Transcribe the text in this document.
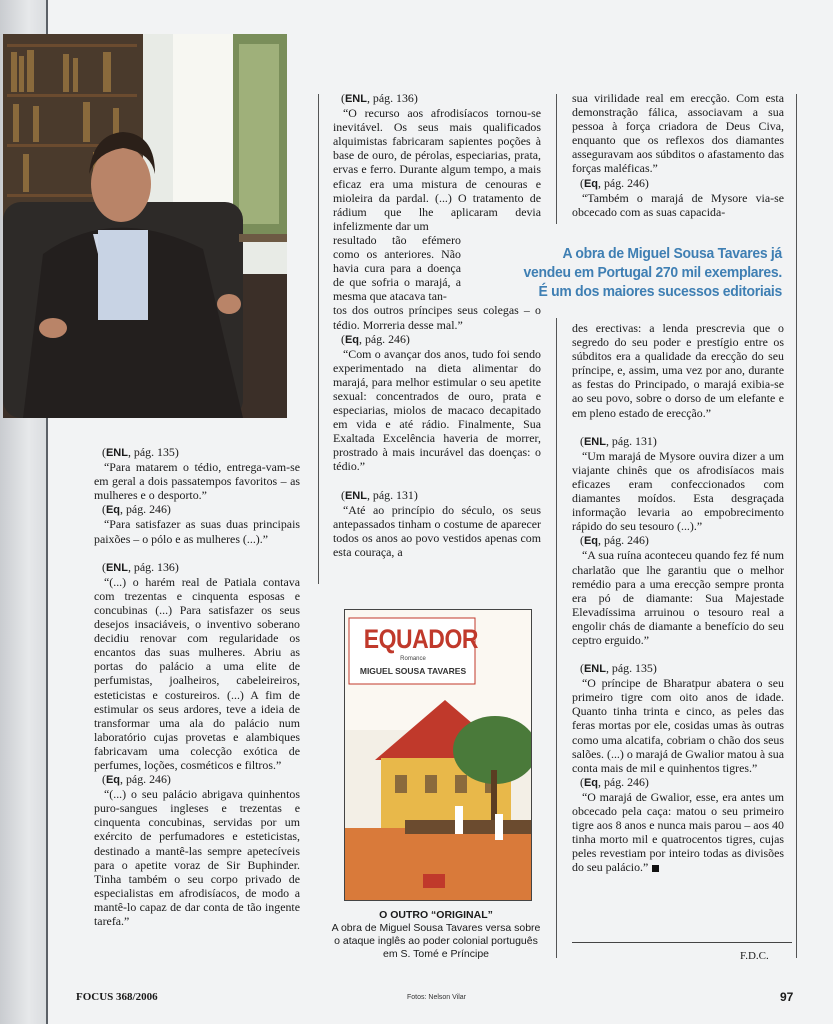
(ENL, pág. 135)

“Para matarem o tédio, entrega-vam-se em geral a dois passatempos favoritos – as mulheres e o desporto.”

(Eq, pág. 246)

“Para satisfazer as suas duas principais paixões – o pólo e as mulheres (...).”

(ENL, pág. 136)

“(...) o harém real de Patiala contava com trezentas e cinquenta esposas e concubinas (...) Para satisfazer os seus desejos insaciáveis, o inventivo soberano decidiu renovar com regularidade os encantos das suas mulheres. Abriu as portas do palácio a uma elite de perfumistas, joalheiros, cabeleireiros, esteticistas e costureiros. (...) A fim de estimular os seus ardores, teve a ideia de transformar uma ala do palácio num laboratório cujas provetas e alambiques fabricavam uma colecção exótica de perfumes, loções, cosméticos e filtros.”

(Eq, pág. 246)

“(...) o seu palácio abrigava quinhentos puro-sangues ingleses e trezentas e cinquenta concubinas, servidas por um exército de perfumadores e esteticistas, destinado a mantê-las sempre apetecíveis para o apetite voraz de Sir Buphinder. Tinha também o seu corpo privado de especialistas em afrodisíacos, de modo a mantê-lo capaz de dar conta de tão ingente tarefa.”

(ENL, pág. 136)

“O recurso aos afrodisíacos tornou-se inevitável. Os seus mais qualificados alquimistas fabricaram sapientes poções à base de ouro, de pérolas, especiarias, prata, ervas e ferro. Durante algum tempo, a mais eficaz era uma mistura de cenouras e mioleira da pardal. (...) O tratamento de rádium que lhe aplicaram devia infelizmente dar um

resultado tão efémero como os anteriores. Não havia cura para a doença de que sofria o marajá, a mesma que atacava tan-

tos dos outros príncipes seus colegas – o tédio. Morreria desse mal.”

(Eq, pág. 246)

“Com o avançar dos anos, tudo foi sendo experimentado na dieta alimentar do marajá, para melhor estimular o seu apetite sexual: concentrados de ouro, prata e especiarias, miolos de macaco decapitado em vida e até rádio. Finalmente, Sua Exaltada Excelência haveria de morrer, prostrado à mais incurável das doenças: o tédio.”

(ENL, pág. 131)

“Até ao princípio do século, os seus antepassados tinham o costume de aparecer todos os anos ao povo vestidos apenas com esta couraça, a

A obra de Miguel Sousa Tavares já
vendeu em Portugal 270 mil exemplares.
É um dos maiores sucessos editoriais

sua virilidade real em erecção. Com esta demonstração fálica, associavam a sua pessoa à força criadora de Deus Civa, enquanto que os reflexos dos diamantes asseguravam aos súbditos o afastamento das forças maléficas.”

(Eq, pág. 246)

“Também o marajá de Mysore via-se obcecado com as suas capacida-

des erectivas: a lenda prescrevia que o segredo do seu poder e prestígio entre os súbditos era a qualidade da erecção do seu príncipe, e, assim, uma vez por ano, durante as festas do Principado, o marajá exibia-se ao seu povo, sobre o dorso de um elefante e em pleno estado de erecção.”

(ENL, pág. 131)

“Um marajá de Mysore ouvira dizer a um viajante chinês que os afrodisíacos mais eficazes eram confeccionados com diamantes moídos. Esta desgraçada informação levaria ao empobrecimento rápido do seu tesouro (...).”

(Eq, pág. 246)

“A sua ruína aconteceu quando fez fé num charlatão que lhe garantiu que o melhor remédio para a uma erecção sempre pronta era pó de diamante: Sua Majestade Elevadíssima arruinou o tesouro real a engolir chás de diamante a benefício do seu ceptro erguido.”

(ENL, pág. 135)

“O príncipe de Bharatpur abatera o seu primeiro tigre com oito anos de idade. Quanto tinha trinta e cinco, as peles das feras mortas por ele, cosidas umas às outras como uma alcatifa, cobriam o chão dos seus salões. (...) o marajá de Gwalior matou à sua conta mais de mil e quinhentos tigres.”

(Eq, pág. 246)

“O marajá de Gwalior, esse, era antes um obcecado pela caça: matou o seu primeiro tigre aos 8 anos e nunca mais parou – aos 40 tinha morto mil e quatrocentos tigres, cujas peles revestiam por inteiro todas as divisões do seu palácio.”

F.D.C.
EQUADOR
Romance
MIGUEL SOUSA TAVARES
O OUTRO “ORIGINAL”
A obra de Miguel Sousa Tavares versa sobre o ataque inglês ao poder colonial português em S. Tomé e Príncipe
FOCUS 368/2006	Fotos: Nelson Vilar	97
